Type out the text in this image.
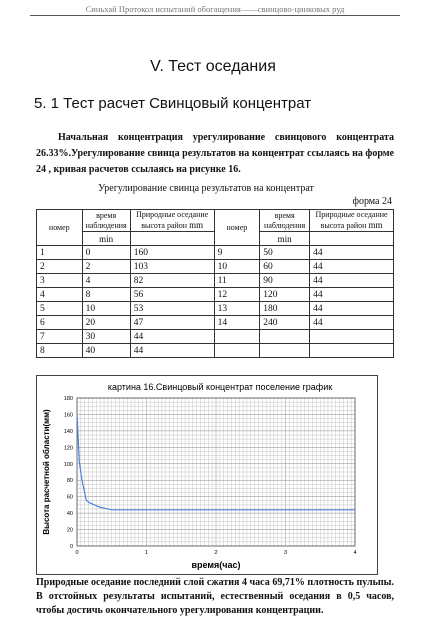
Синьхай Протокол испытаний обогащения——свинцово-цинковых руд
V. Тест оседания
5. 1 Тест расчет Свинцовый концентрат

Начальная концентрация урегулирование свинцового концентрата 26.33%.Урегулирование свинца результатов на концентрат ссылаясь на форме 24 , кривая расчетов ссылаясь на рисунке 16.

Урегулирование свинца результатов на концентрат
форма 24
номер	время наблюдения	Природные оседание высота район mm	номер	время наблюдения	Природные оседание высота район mm
	min			min	
1	0	160	9	50	44
2	2	103	10	60	44
3	4	82	11	90	44
4	8	56	12	120	44
5	10	53	13	180	44
6	20	47	14	240	44
7	30	44			
8	40	44			
картина 16.Свинцовый концентрат поселение график
0
20
40
60
80
100
120
140
160
180
0	1	2	3	4
время(час)
Высота расчетной области(мм)

Природные оседание последний слой сжатия 4 часа 69,71% плотность пульпы. В отстойных результаты испытаний, естественный оседания в 0,5 часов, чтобы достичь окончательного урегулирования концентрации.
